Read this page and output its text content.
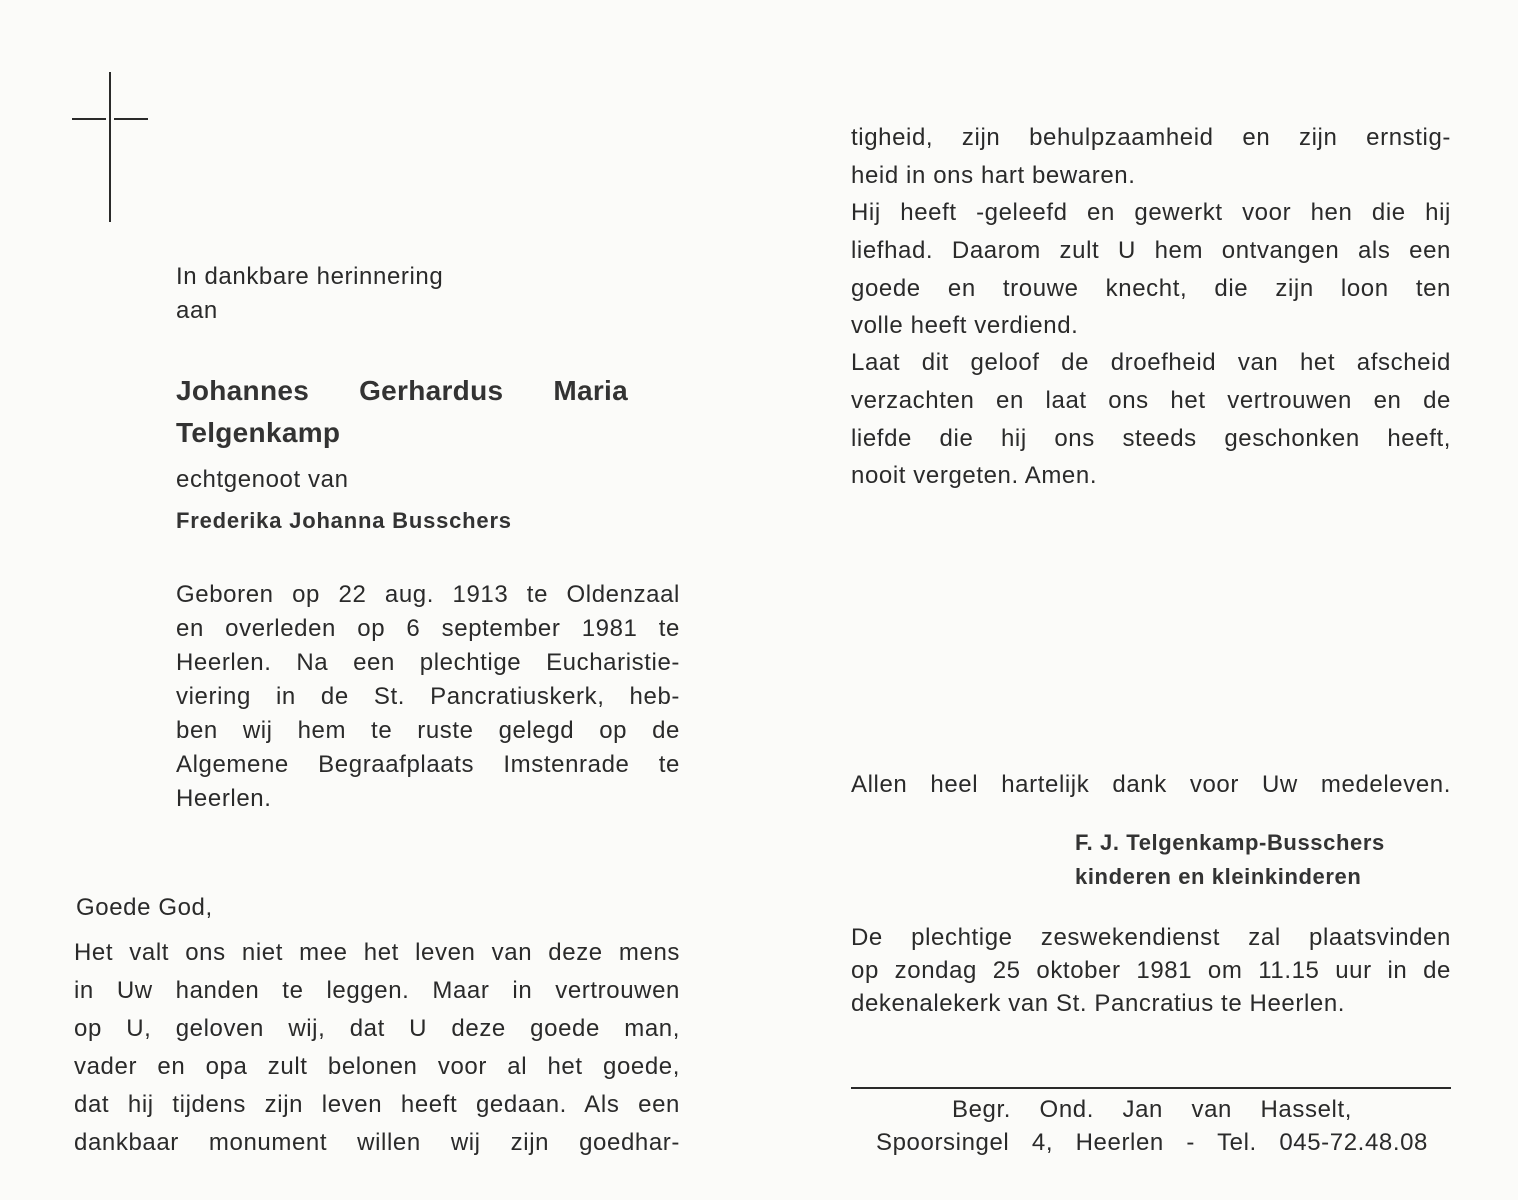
In dankbare herinnering
aan
Johannes Gerhardus Maria
Telgenkamp
echtgenoot van
Frederika Johanna Busschers
Geboren op 22 aug. 1913 te Oldenzaal
en overleden op 6 september 1981 te
Heerlen. Na een plechtige Eucharistie-
viering in de St. Pancratiuskerk, heb-
ben wij hem te ruste gelegd op de
Algemene Begraafplaats Imstenrade te
Heerlen.
Goede God,
Het valt ons niet mee het leven van deze mens
in Uw handen te leggen. Maar in vertrouwen
op U, geloven wij, dat U deze goede man,
vader en opa zult belonen voor al het goede,
dat hij tijdens zijn leven heeft gedaan. Als een
dankbaar monument willen wij zijn goedhar-
tigheid, zijn behulpzaamheid en zijn ernstig-
heid in ons hart bewaren.
Hij heeft -geleefd en gewerkt voor hen die hij
liefhad. Daarom zult U hem ontvangen als een
goede en trouwe knecht, die zijn loon ten
volle heeft verdiend.
Laat dit geloof de droefheid van het afscheid
verzachten en laat ons het vertrouwen en de
liefde die hij ons steeds geschonken heeft,
nooit vergeten. Amen.
Allen heel hartelijk dank voor Uw medeleven.
F. J. Telgenkamp-Busschers
kinderen en kleinkinderen
De plechtige zeswekendienst zal plaatsvinden
op zondag 25 oktober 1981 om 11.15 uur in de
dekenalekerk van St. Pancratius te Heerlen.
Begr. Ond. Jan van Hasselt,
Spoorsingel 4, Heerlen - Tel. 045-72.48.08
